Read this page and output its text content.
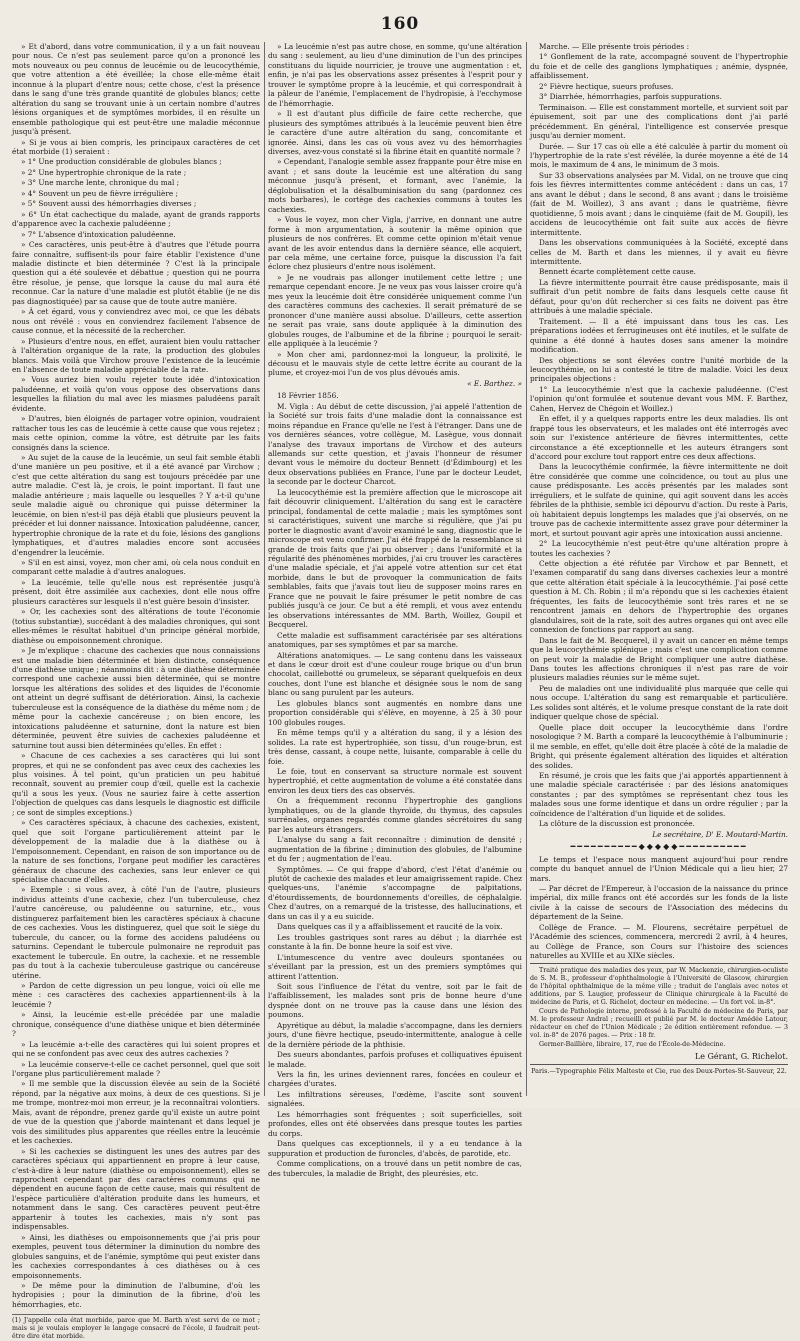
160

» Et d'abord, dans votre communication, il y a un fait nouveau pour nous. Ce n'est pas seulement parce qu'on a prononcé les mots nouveaux ou peu connus de leucémie ou de leucocythémie, que votre attention a été éveillée; la chose elle-même était inconnue à la plupart d'entre nous; cette chose, c'est la présence dans le sang d'une très grande quantité de globules blancs; cette altération du sang se trouvant unie à un certain nombre d'autres lésions organiques et de symptômes morbides, il en résulte un ensemble pathologique qui est peut-être une maladie méconnue jusqu'à présent.

» Si je vous ai bien compris, les principaux caractères de cet état morbide (1) seraient :

» 1° Une production considérable de globules blancs ;

» 2° Une hypertrophie chronique de la rate ;

» 3° Une marche lente, chronique du mal ;

» 4° Souvent un peu de fièvre irrégulière ;

» 5° Souvent aussi des hémorrhagies diverses ;

» 6° Un état cachectique du malade, ayant de grands rapports d'apparence avec la cachexie paludéenne ;

» 7° L'absence d'intoxication paludéenne.

» Ces caractères, unis peut-être à d'autres que l'étude pourra faire connaître, suffisent-ils pour faire établir l'existence d'une maladie distincte et bien déterminée ? C'est là la principale question qui a été soulevée et débattue ; question qui ne pourra être résolue, je pense, que lorsque la cause du mal aura été reconnue. Car la nature d'une maladie est plutôt établie (je ne dis pas diagnostiquée) par sa cause que de toute autre manière.

» À cet égard, vous y conviendrez avec moi, ce que les débats nous ont révélé : vous en conviendrez facilement l'absence de cause connue, et la nécessité de la rechercher.

» Plusieurs d'entre nous, en effet, auraient bien voulu rattacher à l'altération organique de la rate, la production des globules blancs. Mais voilà que Virchow prouve l'existence de la leucémie en l'absence de toute maladie appréciable de la rate.

» Vous auriez bien voulu rejeter toute idée d'intoxication paludéenne, et voilà qu'on vous oppose des observations dans lesquelles la filiation du mal avec les miasmes paludéens paraît évidente.

» D'autres, bien éloignés de partager votre opinion, voudraient rattacher tous les cas de leucémie à cette cause que vous rejetez ; mais cette opinion, comme la vôtre, est détruite par les faits consignés dans la science.

» Au sujet de la cause de la leucémie, un seul fait semble établi d'une manière un peu positive, et il a été avancé par Virchow ; c'est que cette altération du sang est toujours précédée par une autre maladie. C'est là, je crois, le point important. Il faut une maladie antérieure ; mais laquelle ou lesquelles ? Y a-t-il qu'une seule maladie aiguë ou chronique qui puisse déterminer la leucémie, on bien n'est-il pas déjà établi que plusieurs peuvent la précéder et lui donner naissance. Intoxication paludéenne, cancer, hypertrophie chronique de la rate et du foie, lésions des ganglions lymphatiques, et d'autres maladies encore sont accusées d'engendrer la leucémie.

» S'il en est ainsi, voyez, mon cher ami, où cela nous conduit en comparant cette maladie à d'autres analogues.

» La leucémie, telle qu'elle nous est représentée jusqu'à présent, doit être assimilée aux cachexies, dont elle nous offre plusieurs caractères sur lesquels il n'est guère besoin d'insister.

» Or, les cachexies sont des altérations de toute l'économie (totius substantiæ), succédant à des maladies chroniques, qui sont elles-mêmes le résultat habituel d'un principe général morbide, diathèse ou empoisonnement chronique.

» Je m'explique : chacune des cachexies que nous connaissions est une maladie bien déterminée et bien distincte, conséquence d'une diathèse unique ; néanmoins dit : à une diathèse déterminée correspond une cachexie aussi bien déterminée, qui se montre lorsque les altérations des solides et des liquides de l'économie ont atteint un degré suffisant de détérioration. Ainsi, la cachexie tuberculeuse est la conséquence de la diathèse du même nom ; de même pour la cachexie cancéreuse ; on bien encore, les intoxications paludéenne et saturnine, dont la nature est bien déterminée, peuvent être suivies de cachexies paludéenne et saturnine tout aussi bien déterminées qu'elles. En effet :

» Chacune de ces cachexies a ses caractères qui lui sont propres, et qui ne se confondent pas avec ceux des cachexies les plus voisines. À tel point, qu'un praticien un peu habitué reconnaît, souvent au premier coup d'œil, quelle est la cachexie qu'il a sous les yeux. (Vous ne sauriez faire à cette assertion l'objection de quelques cas dans lesquels le diagnostic est difficile ; ce sont de simples exceptions.)

» Ces caractères spéciaux, à chacune des cachexies, existent, quel que soit l'organe particulièrement atteint par le développement de la maladie due à la diathèse ou à l'empoisonnement. Cependant, en raison de son importance ou de la nature de ses fonctions, l'organe peut modifier les caractères généraux de chacune des cachexies, sans leur enlever ce qui spécialise chacune d'elles.

» Exemple : si vous avez, à côté l'un de l'autre, plusieurs individus atteints d'une cachexie, chez l'un tuberculeuse, chez l'autre cancéreuse, ou paludéenne ou saturnine, etc., vous distinguerez parfaitement bien les caractères spéciaux à chacune de ces cachexies. Vous les distinguerez, quel que soit le siège du tubercule, du cancer, ou la forme des accidens paludéens ou saturnins. Cependant le tubercule pulmonaire ne reproduit pas exactement le tubercule. En outre, la cachexie. et ne ressemble pas du tout à la cachexie tuberculeuse gastrique ou cancéreuse utérine.

» Pardon de cette digression un peu longue, voici où elle me mène : ces caractères des cachexies appartiennent-ils à la leucémie ?

» Ainsi, la leucémie est-elle précédée par une maladie chronique, conséquence d'une diathèse unique et bien déterminée ?

» La leucémie a-t-elle des caractères qui lui soient propres et qui ne se confondent pas avec ceux des autres cachexies ?

» La leucémie conserve-t-elle ce cachet personnel, quel que soit l'organe plus particulièrement malade ?

» Il me semble que la discussion élevée au sein de la Société répond, par la négative aux moins, à deux de ces questions. Si je me trompe, montrez-moi mon erreur, je la reconnaîtrai volontiers. Mais, avant de répondre, prenez garde qu'il existe un autre point de vue de la question que j'aborde maintenant et dans lequel je vois des similitudes plus apparentes que réelles entre la leucémie et les cachexies.

» Si les cachexies se distinguent les unes des autres par des caractères spéciaux qui appartiennent en propre à leur cause, c'est-à-dire à leur nature (diathèse ou empoisonnement), elles se rapprochent cependant par des caractères communs qui ne dépendent en aucune façon de cette cause, mais qui résultent de l'espèce particulière d'altération produite dans les humeurs, et notamment dans le sang. Ces caractères peuvent peut-être appartenir à toutes les cachexies, mais n'y sont pas indispensables.

» Ainsi, les diathèses ou empoisonnements que j'ai pris pour exemples, peuvent tous déterminer la diminution du nombre des globules sanguins, et de l'anémie, symptôme qui peut exister dans les cachexies correspondantes à ces diathèses ou à ces empoisonnements.

» De même pour la diminution de l'albumine, d'où les hydropisies ; pour la diminution de la fibrine, d'où les hémorrhagies, etc.

(1) J'appelle cela état morbide, parce que M. Barth n'est servi de ce mot ; mais si je voulais employer le langage consacré de l'école, il faudrait peut-être dire état morbide.

» La leucémie n'est pas autre chose, en somme, qu'une altération du sang : seulement, au lieu d'une diminution de l'un des principes constituans du liquide nourricier, je trouve une augmentation : et, enfin, je n'ai pas les observations assez présentes à l'esprit pour y trouver le symptôme propre à la leucémie, et qui correspondrait à la pâleur de l'anémie, l'emplacement de l'hydropisie, à l'ecchymose de l'hémorrhagie.

» Il est d'autant plus difficile de faire cette recherche, que plusieurs des symptômes attribués à la leucémie peuvent bien être le caractère d'une autre altération du sang, concomitante et ignorée. Ainsi, dans les cas où vous avez vu des hémorrhagies diverses, avez-vous constaté si la fibrine était en quantité normale ?

» Cependant, l'analogie semble assez frappante pour être mise en avant ; et sans doute la leucémie est une altération du sang méconnue jusqu'à présent, et formant, avec l'anémie, la déglobulisation et la désalbuminisation du sang (pardonnez ces mots barbares), le cortège des cachexies communs à toutes les cachexies.

» Vous le voyez, mon cher Vigla, j'arrive, en donnant une autre forme à mon argumentation, à soutenir la même opinion que plusieurs de nos confrères. Et comme cette opinion m'était venue avant de les avoir entendus dans la dernière séance, elle acquiert, par cela même, une certaine force, puisque la discussion l'a fait éclore chez plusieurs d'entre nous isolément.

» Je ne voudrais pas allonger inutilement cette lettre ; une remarque cependant encore. Je ne veux pas vous laisser croire qu'à mes yeux la leucémie doit être considérée uniquement comme l'un des caractères communs des cachexies. Il serait prématuré de se prononcer d'une manière aussi absolue. D'ailleurs, cette assertion ne serait pas vraie, sans doute appliquée à la diminution des globules rouges, de l'albumine et de la fibrine ; pourquoi le serait-elle appliquée à la leucémie ?

» Mon cher ami, pardonnez-moi la longueur, la prolixité, le décousu et le mauvais style de cette lettre écrite au courant de la plume, et croyez-moi l'un de vos plus dévoués amis.

« E. Barthez. »
18 Février 1856.

M. Vigla : Au début de cette discussion, j'ai appelé l'attention de la Société sur trois faits d'une maladie dont la connaissance est moins répandue en France qu'elle ne l'est à l'étranger. Dans une de vos dernières séances, votre collègue, M. Lasègue, vous donnait l'analyse des travaux importans de Virchow et des auteurs allemands sur cette question, et j'avais l'honneur de résumer devant vous le mémoire du docteur Bennett (d'Édimbourg) et les deux observations publiées en France, l'une par le docteur Leudet, la seconde par le docteur Charcot.

La leucocythémie est la première affection que le microscope ait fait découvrir cliniquement. L'altération du sang est le caractère principal, fondamental de cette maladie ; mais les symptômes sont si caractéristiques, suivent une marche si régulière, que j'ai pu porter le diagnostic avant d'avoir examiné le sang, diagnostic que le microscope est venu confirmer. J'ai été frappé de la ressemblance si grande de trois faits que j'ai pu observer ; dans l'uniformité et la régularité des phénomènes morbides, j'ai cru trouver les caractères d'une maladie spéciale, et j'ai appelé votre attention sur cet état morbide, dans le but de provoquer la communication de faits semblables, faits que j'avais tout lieu de supposer moins rares en France que ne pouvait le faire présumer le petit nombre de cas publiés jusqu'à ce jour. Ce but a été rempli, et vous avez entendu les observations intéressantes de MM. Barth, Woillez, Goupil et Becquerel.

Cette maladie est suffisamment caractérisée par ses altérations anatomiques, par ses symptômes et par sa marche.

Altérations anatomiques. — Le sang contenu dans les vaisseaux et dans le cœur droit est d'une couleur rouge brique ou d'un brun chocolat, caillebotté ou grumeleux, se séparant quelquefois en deux couches, dont l'une est blanche et désignée sous le nom de sang blanc ou sang purulent par les auteurs.

Les globules blancs sont augmentés en nombre dans une proportion considérable qui s'élève, en moyenne, à 25 à 30 pour 100 globules rouges.

En même temps qu'il y a altération du sang, il y a lésion des solides. La rate est hypertrophiée, son tissu, d'un rouge-brun, est très dense, cassant, à coupe nette, luisante, comparable à celle du foie.

Le foie, tout en conservant sa structure normale est souvent hypertrophié, et cette augmentation de volume a été constatée dans environ les deux tiers des cas observés.

On a fréquemment reconnu l'hypertrophie des ganglions lymphatiques, ou de la glande thyroïde, du thymus, des capsules surrénales, organes regardés comme glandes sécrétoires du sang par les auteurs étrangers.

L'analyse du sang a fait reconnaître : diminution de densité ; augmentation de la fibrine ; diminution des globules, de l'albumine et du fer ; augmentation de l'eau.

Symptômes. — Ce qui frappe d'abord, c'est l'état d'anémie ou plutôt de cachexie des malades et leur amaigrissement rapide. Chez quelques-uns, l'anémie s'accompagne de palpitations, d'étourdissements, de bourdonnements d'oreilles, de céphalalgie. Chez d'autres, on a remarqué de la tristesse, des hallucinations, et dans un cas il y a eu suicide.

Dans quelques cas il y a affaiblissement et raucité de la voix.

Les troubles gastriques sont rares au début ; la diarrhée est constante à la fin. De bonne heure la soif est vive.

L'intumescence du ventre avec douleurs spontanées ou s'éveillant par la pression, est un des premiers symptômes qui attirent l'attention.

Soit sous l'influence de l'état du ventre, soit par le fait de l'affaiblissement, les malades sont pris de bonne heure d'une dyspnée dont on ne trouve pas la cause dans une lésion des poumons.

Apyrétique au début, la maladie s'accompagne, dans les derniers jours, d'une fièvre hectique, pseudo-intermittente, analogue à celle de la dernière période de la phthisie.

Des sueurs abondantes, parfois profuses et colliquatives épuisent le malade.

Vers la fin, les urines deviennent rares, foncées en couleur et chargées d'urates.

Les infiltrations séreuses, l'œdème, l'ascite sont souvent signalées.

Les hémorrhagies sont fréquentes ; soit superficielles, soit profondes, elles ont été observées dans presque toutes les parties du corps.

Dans quelques cas exceptionnels, il y a eu tendance à la suppuration et production de furoncles, d'abcès, de parotide, etc.

Comme complications, on a trouvé dans un petit nombre de cas, des tubercules, la maladie de Bright, des pleurésies, etc.

Marche. — Elle présente trois périodes :

1° Gonflement de la rate, accompagné souvent de l'hypertrophie du foie et de celle des ganglions lymphatiques ; anémie, dyspnée, affaiblissement.

2° Fièvre hectique, sueurs profuses.

3° Diarrhée, hémorrhagies, parfois suppurations.

Terminaison. — Elle est constamment mortelle, et survient soit par épuisement, soit par une des complications dont j'ai parlé précédemment. En général, l'intelligence est conservée presque jusqu'au dernier moment.

Durée. — Sur 17 cas où elle a été calculée à partir du moment où l'hypertrophie de la rate s'est révélée, la durée moyenne a été de 14 mois, le maximum de 4 ans, le minimum de 3 mois.

Sur 33 observations analysées par M. Vidal, on ne trouve que cinq fois les fièvres intermittentes comme antécédent : dans un cas, 17 ans avant le début ; dans le second, 8 ans avant ; dans le troisième (fait de M. Woillez), 3 ans avant ; dans le quatrième, fièvre quotidienne, 5 mois avant ; dans le cinquième (fait de M. Goupil), les accidens de leucocythémie ont fait suite aux accès de fièvre intermittente.

Dans les observations communiquées à la Société, excepté dans celles de M. Barth et dans les miennes, il y avait eu fièvre intermittente.

Bennett écarte complètement cette cause.

La fièvre intermittente pourrait être cause prédisposante, mais il suffirait d'un petit nombre de faits dans lesquels cette cause fit défaut, pour qu'on dût rechercher si ces faits ne doivent pas être attribués à une maladie spéciale.

Traitement. — Il a été impuissant dans tous les cas. Les préparations iodées et ferrugineuses ont été inutiles, et le sulfate de quinine a été donné à hautes doses sans amener la moindre modification.

Des objections se sont élevées contre l'unité morbide de la leucocythémie, on lui a contesté le titre de maladie. Voici les deux principales objections :

1° La leucocythémie n'est que la cachexie paludéenne. (C'est l'opinion qu'ont formulée et soutenue devant vous MM. F. Barthez, Cahen, Hervez de Chégoin et Woillez.)

En effet, il y a quelques rapports entre les deux maladies. Ils ont frappé tous les observateurs, et les malades ont été interrogés avec soin sur l'existence antérieure de fièvres intermittentes, cette circonstance a été exceptionnelle et les auteurs étrangers sont d'accord pour exclure tout rapport entre ces deux affections.

Dans la leucocythémie confirmée, la fièvre intermittente ne doit être considérée que comme une coïncidence, ou tout au plus une cause prédisposante. Les accès présentés par les malades sont irréguliers, et le sulfate de quinine, qui agit souvent dans les accès fébriles de la phthisie, semble ici dépourvu d'action. Du reste à Paris, où habitaient depuis longtemps les malades que j'ai observés, on ne trouve pas de cachexie intermittente assez grave pour déterminer la mort, et surtout pouvant agir après une intoxication aussi ancienne.

2° La leucocythémie n'est peut-être qu'une altération propre à toutes les cachexies ?

Cette objection a été réfutée par Virchow et par Bennett, et l'examen comparatif du sang dans diverses cachexies leur a montré que cette altération était spéciale à la leucocythémie. J'ai posé cette question à M. Ch. Robin ; il m'a répondu que si les cachexies étaient fréquentes, les faits de leucocythémie sont très rares et ne se rencontrent jamais en dehors de l'hypertrophie des organes glandulaires, soit de la rate, soit des autres organes qui ont avec elle connexion de fonctions par rapport au sang.

Dans le fait de M. Becquerel, il y avait un cancer en même temps que la leucocythémie splénique ; mais c'est une complication comme on peut voir la maladie de Bright compliquer une autre diathèse. Dans toutes les affections chroniques il n'est pas rare de voir plusieurs maladies réunies sur le même sujet.

Peu de maladies ont une individualité plus marquée que celle qui nous occupe. L'altération du sang est remarquable et particulière. Les solides sont altérés, et le volume presque constant de la rate doit indiquer quelque chose de spécial.

Quelle place doit occuper la leucocythémie dans l'ordre nosologique ? M. Barth a comparé la leucocythémie à l'albuminurie ; il me semble, en effet, qu'elle doit être placée à côté de la maladie de Bright, qui présente également altération des liquides et altération des solides.

En résumé, je crois que les faits que j'ai apportés appartiennent à une maladie spéciale caractérisée : par des lésions anatomiques constantes ; par des symptômes se représentant chez tous les malades sous une forme identique et dans un ordre régulier ; par la coïncidence de l'altération d'un liquide et de solides.

La clôture de la discussion est prononcée.

Le secrétaire, D' E. Moutard-Martin.
━━━━━━━━━━◆◆◆◆◆━━━━━━━━━━

Le temps et l'espace nous manquent aujourd'hui pour rendre compte du banquet annuel de l'Union Médicale qui a lieu hier, 27 mars.

— Par décret de l'Empereur, à l'occasion de la naissance du prince impérial, dix mille francs ont été accordés sur les fonds de la liste civile à la caisse de secours de l'Association des médecins du département de la Seine.

Collège de France. — M. Flourens, secrétaire perpétuel de l'Académie des sciences, commencera, mercredi 2 avril, à 4 heures, au Collège de France, son Cours sur l'histoire des sciences naturelles au XVIIIe et au XIXe siècles.

Traité pratique des maladies des yeux, par W. Mackenzie, chirurgien-oculiste de S. M. B., professeur d'ophthalmologie à l'Université de Glascow, chirurgien de l'hôpital ophthalmique de la même ville ; traduit de l'anglais avec notes et additions, par S. Laugier, professeur de Clinique chirurgicale à la Faculté de médecine de Paris, et G. Richelot, docteur en médecine. — Un fort vol. in-8°.

Cours de Pathologie interne, professé à la Faculté de médecine de Paris, par M. le professeur Andral ; recueilli et publié par M. le docteur Amédée Latour, rédacteur en chef de l'Union Médicale ; 2e édition entièrement refondue. — 3 vol. in-8° de 2076 pages. — Prix : 18 fr.

Germer-Baillière, libraire, 17, rue de l'École-de-Médecine.

Le Gérant, G. Richelot.
Paris.—Typographie Félix Malteste et Cie, rue des Deux-Portes-St-Sauveur, 22.
